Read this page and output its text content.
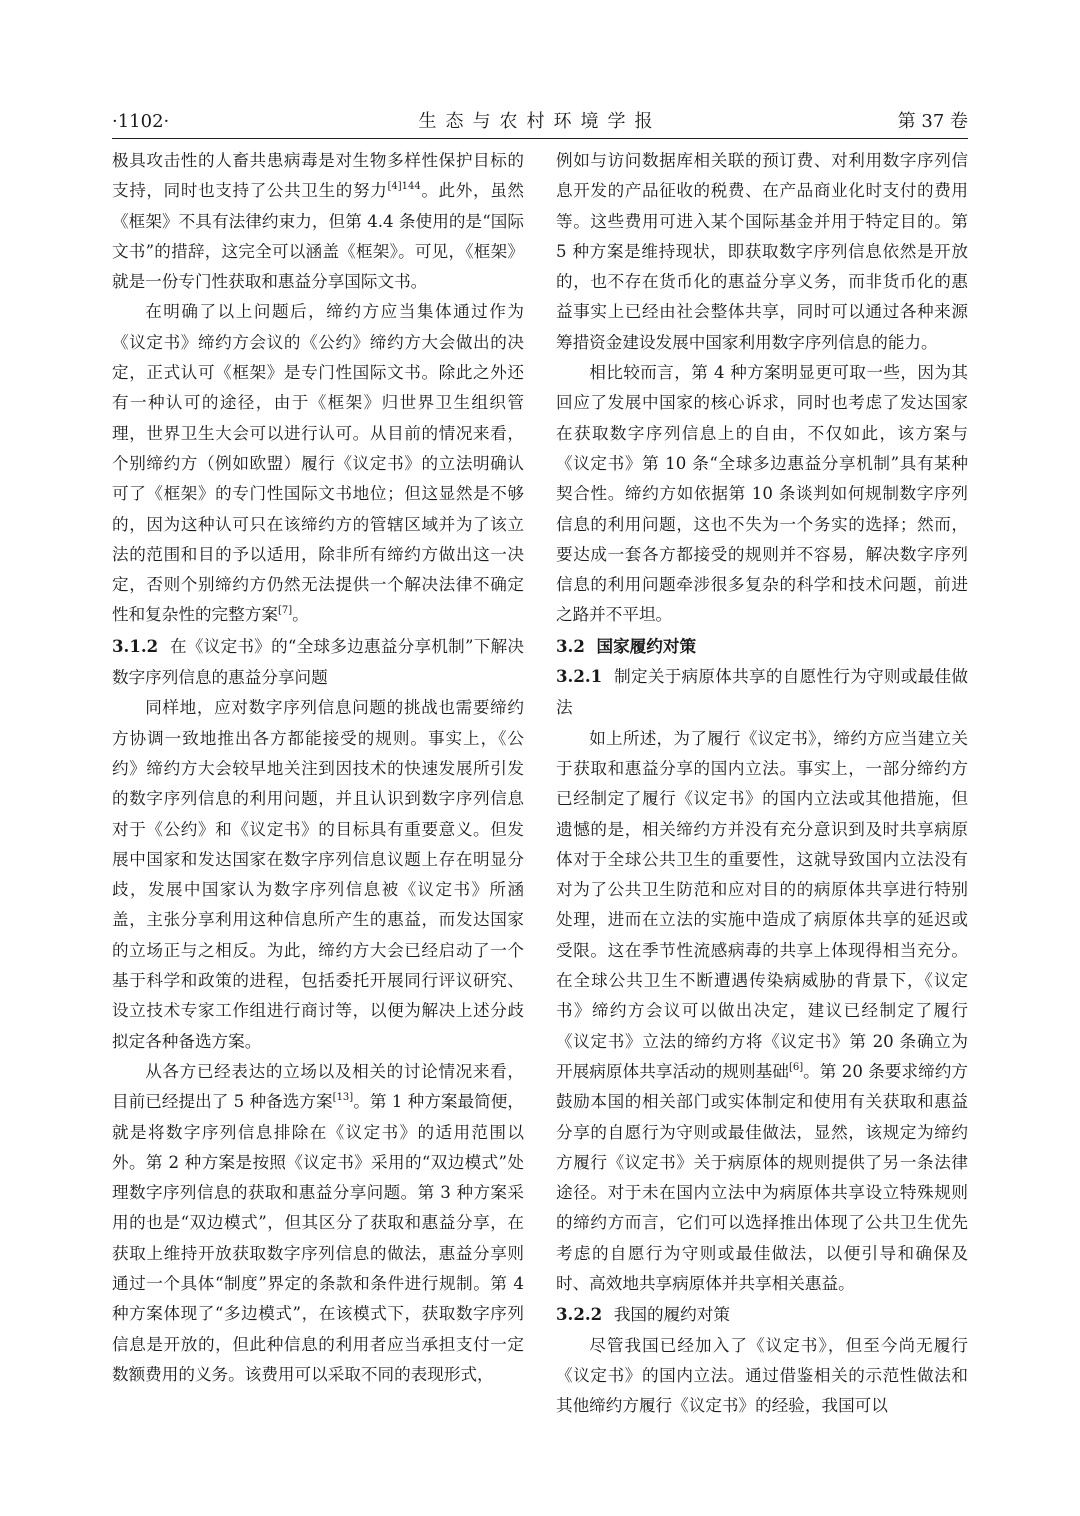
·1102·	生态与农村环境学报	第 37 卷

极具攻击性的人畜共患病毒是对生物多样性保护目标的支持，同时也支持了公共卫生的努力$^{[4]144}$。此外，虽然《框架》不具有法律约束力，但第 4.4 条使用的是“国际文书”的措辞，这完全可以涵盖《框架》。可见，《框架》就是一份专门性获取和惠益分享国际文书。

在明确了以上问题后，缔约方应当集体通过作为《议定书》缔约方会议的《公约》缔约方大会做出的决定，正式认可《框架》是专门性国际文书。除此之外还有一种认可的途径，由于《框架》归世界卫生组织管理，世界卫生大会可以进行认可。从目前的情况来看，个别缔约方（例如欧盟）履行《议定书》的立法明确认可了《框架》的专门性国际文书地位；但这显然是不够的，因为这种认可只在该缔约方的管辖区域并为了该立法的范围和目的予以适用，除非所有缔约方做出这一决定，否则个别缔约方仍然无法提供一个解决法律不确定性和复杂性的完整方案[7]。

3.1.2 在《议定书》的“全球多边惠益分享机制”下解决数字序列信息的惠益分享问题

同样地，应对数字序列信息问题的挑战也需要缔约方协调一致地推出各方都能接受的规则。事实上，《公约》缔约方大会较早地关注到因技术的快速发展所引发的数字序列信息的利用问题，并且认识到数字序列信息对于《公约》和《议定书》的目标具有重要意义。但发展中国家和发达国家在数字序列信息议题上存在明显分歧，发展中国家认为数字序列信息被《议定书》所涵盖，主张分享利用这种信息所产生的惠益，而发达国家的立场正与之相反。为此，缔约方大会已经启动了一个基于科学和政策的进程，包括委托开展同行评议研究、设立技术专家工作组进行商讨等，以便为解决上述分歧拟定各种备选方案。

从各方已经表达的立场以及相关的讨论情况来看，目前已经提出了 5 种备选方案[13]。第 1 种方案最简便，就是将数字序列信息排除在《议定书》的适用范围以外。第 2 种方案是按照《议定书》采用的“双边模式”处理数字序列信息的获取和惠益分享问题。第 3 种方案采用的也是“双边模式”，但其区分了获取和惠益分享，在获取上维持开放获取数字序列信息的做法，惠益分享则通过一个具体“制度”界定的条款和条件进行规制。第 4 种方案体现了“多边模式”，在该模式下，获取数字序列信息是开放的，但此种信息的利用者应当承担支付一定数额费用的义务。该费用可以采取不同的表现形式，

例如与访问数据库相关联的预订费、对利用数字序列信息开发的产品征收的税费、在产品商业化时支付的费用等。这些费用可进入某个国际基金并用于特定目的。第 5 种方案是维持现状，即获取数字序列信息依然是开放的，也不存在货币化的惠益分享义务，而非货币化的惠益事实上已经由社会整体共享，同时可以通过各种来源筹措资金建设发展中国家利用数字序列信息的能力。

相比较而言，第 4 种方案明显更可取一些，因为其回应了发展中国家的核心诉求，同时也考虑了发达国家在获取数字序列信息上的自由，不仅如此，该方案与《议定书》第 10 条“全球多边惠益分享机制”具有某种契合性。缔约方如依据第 10 条谈判如何规制数字序列信息的利用问题，这也不失为一个务实的选择；然而，要达成一套各方都接受的规则并不容易，解决数字序列信息的利用问题牵涉很多复杂的科学和技术问题，前进之路并不平坦。

3.2 国家履约对策
3.2.1 制定关于病原体共享的自愿性行为守则或最佳做法

如上所述，为了履行《议定书》，缔约方应当建立关于获取和惠益分享的国内立法。事实上，一部分缔约方已经制定了履行《议定书》的国内立法或其他措施，但遗憾的是，相关缔约方并没有充分意识到及时共享病原体对于全球公共卫生的重要性，这就导致国内立法没有对为了公共卫生防范和应对目的的病原体共享进行特别处理，进而在立法的实施中造成了病原体共享的延迟或受限。这在季节性流感病毒的共享上体现得相当充分。在全球公共卫生不断遭遇传染病威胁的背景下，《议定书》缔约方会议可以做出决定，建议已经制定了履行《议定书》立法的缔约方将《议定书》第 20 条确立为开展病原体共享活动的规则基础[6]。第 20 条要求缔约方鼓励本国的相关部门或实体制定和使用有关获取和惠益分享的自愿行为守则或最佳做法，显然，该规定为缔约方履行《议定书》关于病原体的规则提供了另一条法律途径。对于未在国内立法中为病原体共享设立特殊规则的缔约方而言，它们可以选择推出体现了公共卫生优先考虑的自愿行为守则或最佳做法，以便引导和确保及时、高效地共享病原体并共享相关惠益。

3.2.2 我国的履约对策

尽管我国已经加入了《议定书》，但至今尚无履行《议定书》的国内立法。通过借鉴相关的示范性做法和其他缔约方履行《议定书》的经验，我国可以
